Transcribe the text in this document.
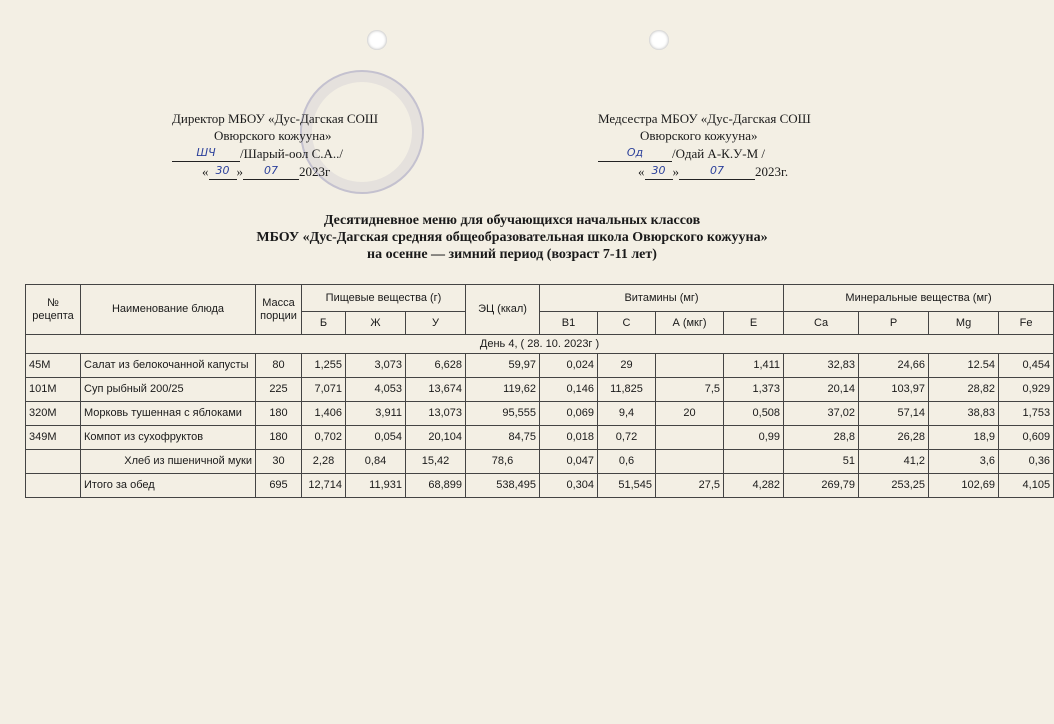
Директор МБОУ «Дус-Дагская СОШ
Овюрского кожууна»
ШЧ /Шарый-оол С.А../
« 30 » 07 2023г
Медсестра МБОУ «Дус-Дагская СОШ
Овюрского кожууна»
Од /Одай А-К.У-М /
« 30 »	07 2023г.
Десятидневное меню для обучающихся начальных классов
МБОУ «Дус-Дагская средняя общеобразовательная школа Овюрского кожууна»
на осенне — зимний период (возраст 7-11 лет)
№ рецепта	Наименование блюда	Масса порции	Пищевые вещества (г)			ЭЦ (ккал)	Витамины (мг)				Минеральные вещества (мг)			
			Б	Ж	У		В1	С	А (мкг)	Е	Са	Р	Mg	Fe
День 4, ( 28. 10. 2023г )														
45М	Салат из белокочанной капусты	80	1,255	3,073	6,628	59,97	0,024	29		1,411	32,83	24,66	12.54	0,454
101М	Суп рыбный 200/25	225	7,071	4,053	13,674	119,62	0,146	11,825	7,5	1,373	20,14	103,97	28,82	0,929
320М	Морковь тушенная с яблоками	180	1,406	3,911	13,073	95,555	0,069	9,4	20	0,508	37,02	57,14	38,83	1,753
349М	Компот из сухофруктов	180	0,702	0,054	20,104	84,75	0,018	0,72		0,99	28,8	26,28	18,9	0,609
	Хлеб из пшеничной муки	30	2,28	0,84	15,42	78,6	0,047	0,6			51	41,2	3,6	0,36
	Итого за обед	695	12,714	11,931	68,899	538,495	0,304	51,545	27,5	4,282	269,79	253,25	102,69	4,105
